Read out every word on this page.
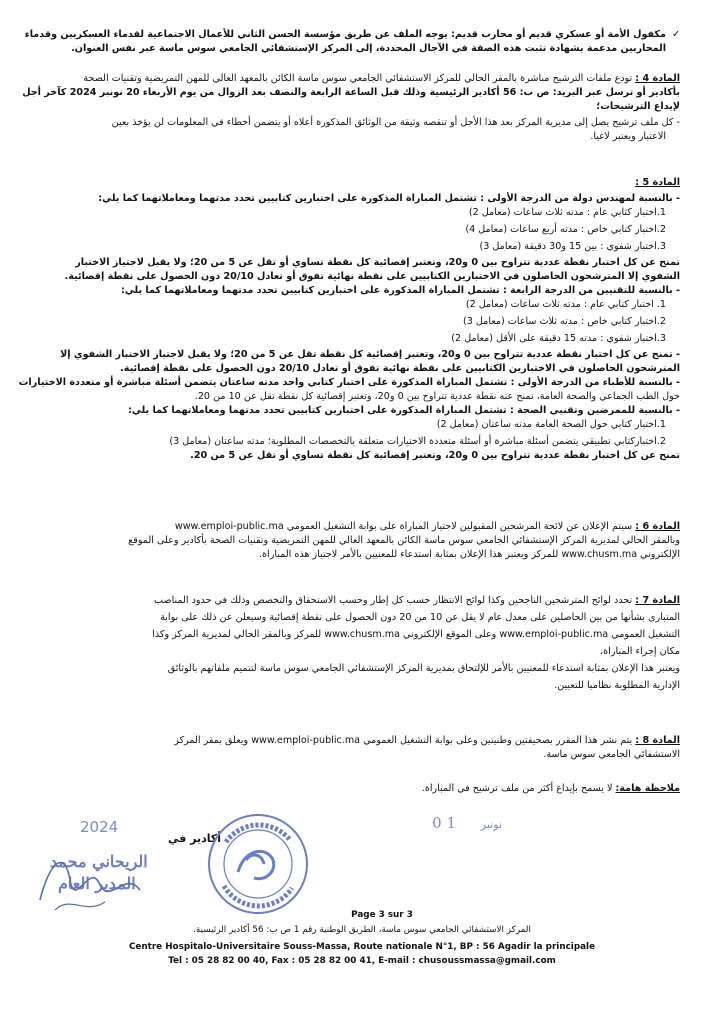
✓مكفول الأمة أو عسكري قديم أو محارب قديم: يوجه الملف عن طريق مؤسسة الحسن الثاني للأعمال الاجتماعية لقدماء العسكريين وقدماء

المحاربين مدعمة بشهادة تثبت هذه الصفة في الآجال المحددة، إلى المركز الإستشفائي الجامعي سوس ماسة عبر نفس العنوان.

المادة 4 : تودع ملفات الترشيح مباشرة بالمقر الحالي للمركز الاستشفائي الجامعي سوس ماسة الكائن بالمعهد العالي للمهن التمريضية وتقنيات الصحة

بأكادير أو ترسل عبر البريد: ص ب: 56 أكادير الرئيسية وذلك قبل الساعة الرابعة والنصف بعد الزوال من يوم الأربعاء 20 نونبر 2024 كآخر أجل

لإيداع الترشيحات؛

- كل ملف ترشيح يصل إلى مديرية المركز بعد هذا الأجل أو تنقصه وثيقة من الوثائق المذكورة أعلاه أو يتضمن أخطاء في المعلومات لن يؤخذ بعين

الاعتبار ويعتبر لاغيا.

المادة 5 :

- بالنسبة لمهندس دولة من الدرجة الأولى : تشتمل المباراة المذكورة على اختبارين كتابيين تحدد مدتهما ومعاملاتهما كما يلي:

1.اختبار كتابي عام : مدته ثلاث ساعات (معامل 2)

2.اختبار كتابي خاص : مدته أربع ساعات (معامل 4)

3.اختبار شفوي : بين 15 و30 دقيقة (معامل 3)

تمنح عن كل اختبار نقطة عددية تتراوح بين 0 و20، وتعتبر إقصائية كل نقطة تساوي أو تقل عن 5 من 20؛ ولا يقبل لاجتياز الاختبار

الشفوي إلا المترشحون الحاصلون في الاختبارين الكتابيين على نقطة نهائية تفوق أو تعادل 20/10 دون الحصول على نقطة إقصائية.

- بالنسبة للتقنيين من الدرجة الرابعة : تشتمل المباراة المذكورة على اختبارين كتابيين تحدد مدتهما ومعاملاتهما كما يلي:

1. اختبار كتابي عام : مدته ثلاث ساعات (معامل 2)

2.اختبار كتابي خاص : مدته ثلاث ساعات (معامل 3)

3.اختبار شفوي : مدته 15 دقيقة على الأقل (معامل 2)

- تمنح عن كل اختبار نقطة عددية تتراوح بين 0 و20، وتعتبر إقصائية كل نقطة تقل عن 5 من 20؛ ولا يقبل لاجتياز الاختبار الشفوي إلا

المترشحون الحاصلون في الاختبارين الكتابيين على نقطة نهائية تفوق أو تعادل 20/10 دون الحصول على نقطة إقصائية.

- بالنسبة للأطباء من الدرجة الأولى : تشتمل المباراة المذكورة على اختبار كتابي واحد مدته ساعتان يتضمن أسئلة مباشرة أو متعددة الاختيارات

حول الطب الجماعي والصحة العامة، تمنح عنه نقطة عددية تتراوح بين 0 و20، وتعتبر إقصائية كل نقطة تقل عن 10 من 20.

- بالنسبة للممرضين وتقنيي الصحة : تشتمل المباراة المذكورة على اختبارين كتابيين تحدد مدتهما ومعاملاتهما كما يلي:

1.اختبار كتابي حول الصحة العامة مدته ساعتان (معامل 2)

2.اختباركتابي تطبيقي يتضمن أسئلة مباشرة أو أسئلة متعددة الاختيارات متعلقة بالتخصصات المطلوبة؛ مدته ساعتان (معامل 3)

تمنح عن كل اختبار نقطة عددية تتراوح بين 0 و20، وتعتبر إقصائية كل نقطة تساوي أو تقل عن 5 من 20.

المادة 6 : سيتم الإعلان عن لائحة المرشحين المقبولين لاجتياز المباراة على بوابة التشغيل العمومي www.emploi-public.ma

وبالمقر الحالي لمديرية المركز الإستشفائي الجامعي سوس ماسة الكائن بالمعهد العالي للمهن التمريضية وتقنيات الصحة بأكادير وعلى الموقع

الإلكتروني www.chusm.ma للمركز ويعتبر هذا الإعلان بمثابة استدعاء للمعنيين بالأمر لاجتياز هذه المباراة.

المادة 7 : تحدد لوائح المترشحين الناجحين وكذا لوائح الانتظار حسب كل إطار وحسب الاستحقاق والتخصص وذلك في حدود المناصب

المتبارى بشأنها من بين الحاصلين على معدل عام لا يقل عن 10 من 20 دون الحصول على نقطة إقصائية وسيعلن عن ذلك على بوابة

التشغيل العمومي www.emploi-public.ma وعلى الموقع الإلكتروني www.chusm.ma للمركز وبالمقر الحالي لمديرية المركز وكذا

مكان إجراء المباراة،

ويعتبر هذا الإعلان بمثابة استدعاء للمعنيين بالأمر للإلتحاق بمديرية المركز الإستشفائي الجامعي سوس ماسة لتتميم ملفاتهم بالوثائق

الإدارية المطلوبة نظاميا للتعيين.

المادة 8 : يتم نشر هذا المقرر بصحيفتين وطنيتين وعلى بوابة التشغيل العمومي www.emploi-public.ma ويعلق بمقر المركز

الاستشفائي الجامعي سوس ماسة.

ملاحظة هامة: لا يسمح بإيداع أكثر من ملف ترشيح في المباراة.

0 1 نونبر
2024
أكادير في
الريحاني محمد
المدير العام
Page 3 sur 3
المركز الاستشفائي الجامعي سوس ماسة، الطريق الوطنية رقم 1 ص ب: 56 أكادير الرئيسية.
Centre Hospitalo-Universitaire Souss-Massa, Route nationale N°1, BP : 56 Agadir la principale
Tel : 05 28 82 00 40, Fax : 05 28 82 00 41, E-mail : chusoussmassa@gmail.com
